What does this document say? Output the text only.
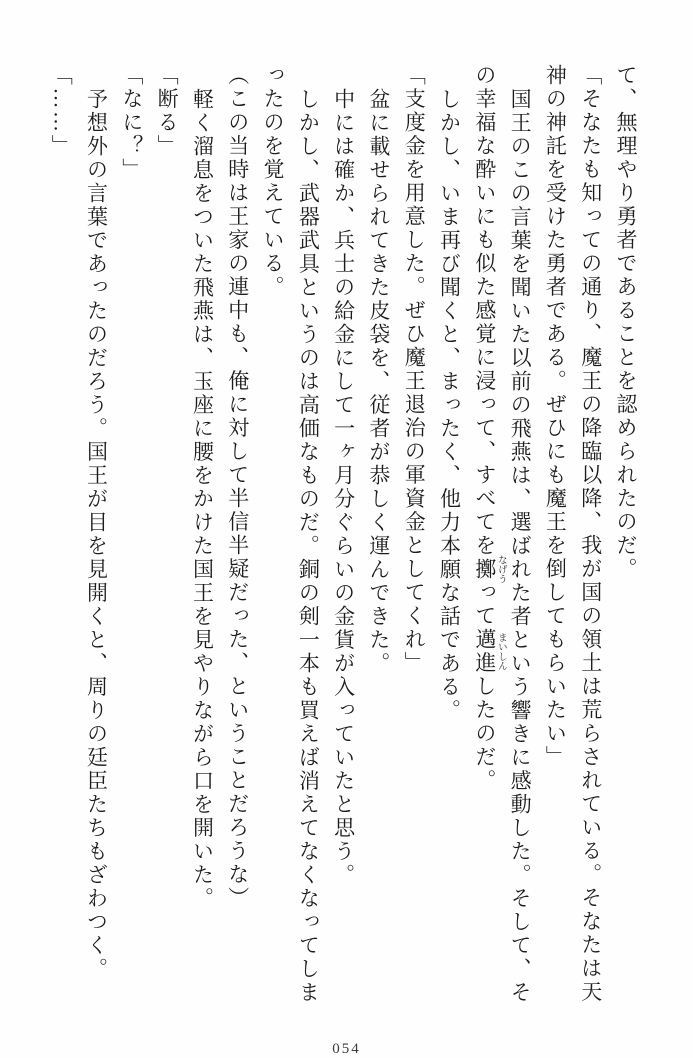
て、無理やり勇者であることを認められたのだ。

「そなたも知っての通り、魔王の降臨以降、我が国の領土は荒らされている。そなたは天神の神託を受けた勇者である。ぜひにも魔王を倒してもらいたい」

国王のこの言葉を聞いた以前の飛燕は、選ばれた者という響きに感動した。そして、その幸福な酔いにも似た感覚に浸って、すべてを擲 なげうって邁進 まいしんしたのだ。

しかし、いま再び聞くと、まったく、他力本願な話である。

「支度金を用意した。ぜひ魔王退治の軍資金としてくれ」

盆に載せられてきた皮袋を、従者が恭しく運んできた。

中には確か、兵士の給金にして一ヶ月分ぐらいの金貨が入っていたと思う。

しかし、武器武具というのは高価なものだ。銅の剣一本も買えば消えてなくなってしまったのを覚えている。

（この当時は王家の連中も、俺に対して半信半疑だった、ということだろうな）

軽く溜息をついた飛燕は、玉座に腰をかけた国王を見やりながら口を開いた。

「断る」

「なに？」

予想外の言葉であったのだろう。国王が目を見開くと、周りの廷臣たちもざわつく。

「……」

054
